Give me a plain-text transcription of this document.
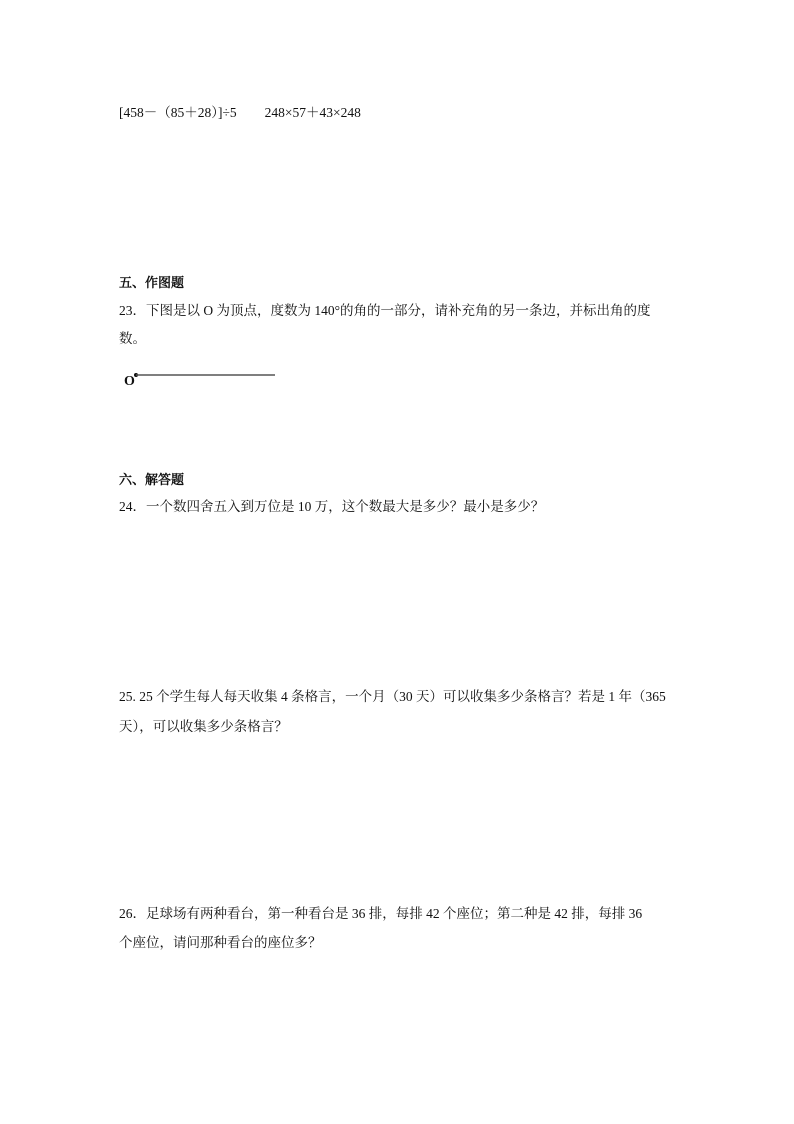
[458－（85＋28）]÷5 248×57＋43×248
五、作图题
23．下图是以 O 为顶点，度数为 140°的角的一部分，请补充角的另一条边，并标出角的度
数。
O
六、解答题
24．一个数四舍五入到万位是 10 万，这个数最大是多少？最小是多少？
25. 25 个学生每人每天收集 4 条格言，一个月（30 天）可以收集多少条格言？若是 1 年（365
天），可以收集多少条格言？
26．足球场有两种看台，第一种看台是 36 排，每排 42 个座位；第二种是 42 排，每排 36
个座位，请问那种看台的座位多？
